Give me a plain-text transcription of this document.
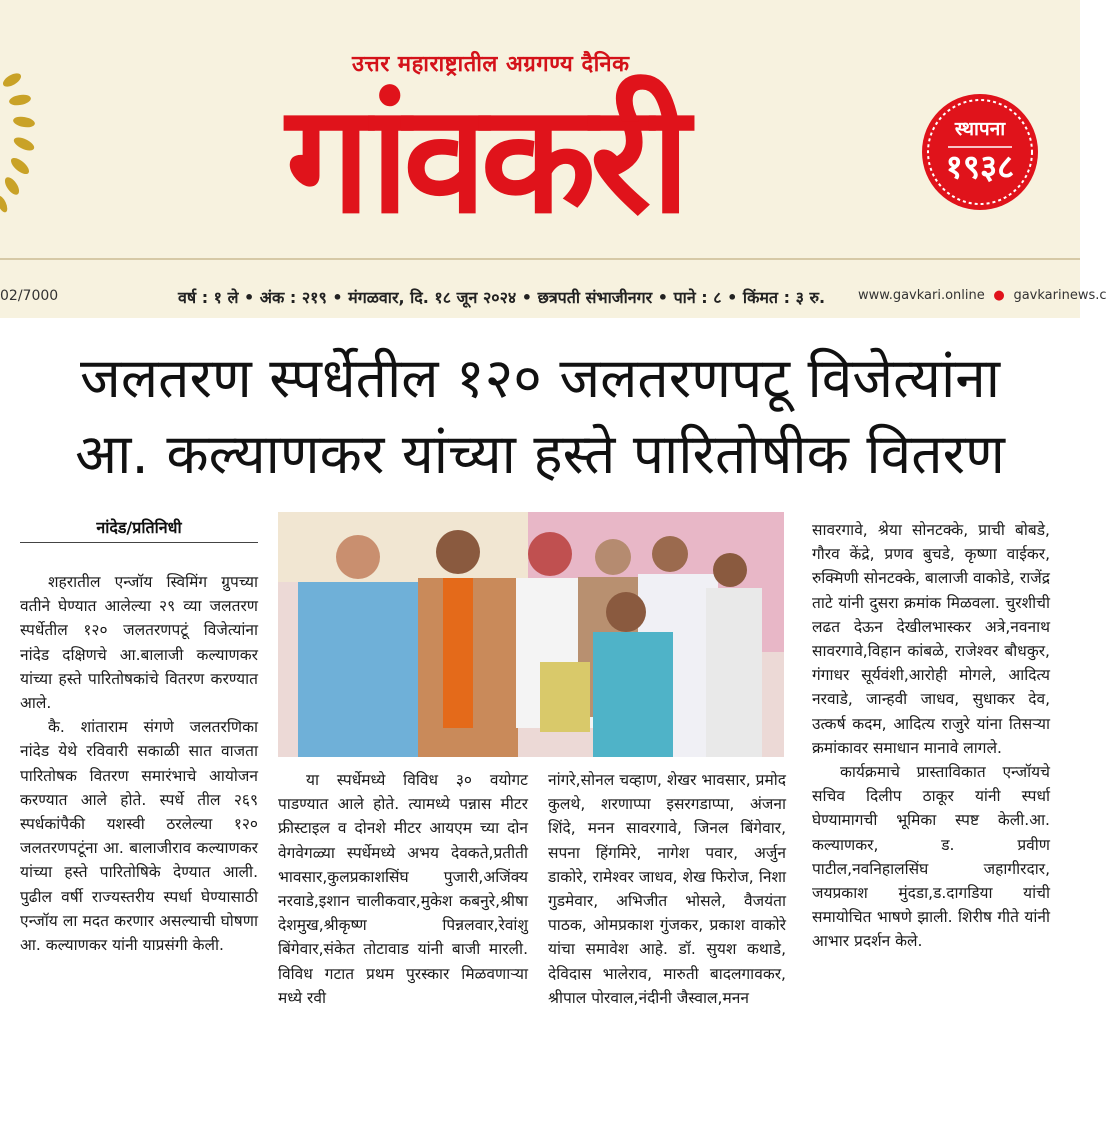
उत्तर महाराष्ट्रातील अग्रगण्य दैनिक
गांवकरी	स्थापना
१९३८
02/7000	वर्ष : १ ले • अंक : २१९ • मंगळवार, दि. १८ जून २०२४ • छत्रपती संभाजीनगर • पाने : ८ • किंमत : ३ रु.	www.gavkari.online  ●  gavkarinews.c
जलतरण स्पर्धेतील १२० जलतरणपटू विजेत्यांना
आ. कल्याणकर यांच्या हस्ते पारितोषीक वितरण
नांदेड/प्रतिनिधी

शहरातील एन्जॉय स्विमिंग ग्रुपच्या वतीने घेण्यात आलेल्या २९ व्या जलतरण स्पर्धेतील १२० जलतरणपटूं विजेत्यांना नांदेड दक्षिणचे आ.बालाजी कल्याणकर यांच्या हस्ते पारितोषकांचे वितरण करण्यात आले.

कै. शांताराम संगणे जलतरणिका नांदेड येथे रविवारी सकाळी सात वाजता पारितोषक वितरण समारंभाचे आयोजन करण्यात आले होते. स्पर्धे तील २६९ स्पर्धकांपैकी यशस्वी ठरलेल्या १२० जलतरणपटूंना आ. बालाजीराव कल्याणकर यांच्या हस्ते पारितोषिके देण्यात आली. पुढील वर्षी राज्यस्तरीय स्पर्धा घेण्यासाठी एन्जॉय ला मदत करणार असल्याची घोषणा आ. कल्याणकर यांनी याप्रसंगी केली.

या स्पर्धेमध्ये विविध ३० वयोगट पाडण्यात आले होते. त्यामध्ये पन्नास मीटर फ्रीस्टाइल व दोनशे मीटर आयएम च्या दोन वेगवेगळ्या स्पर्धेमध्ये अभय देवकते,प्रतीती भावसार,कुलप्रकाशसिंघ पुजारी,अजिंक्य नरवाडे,इशान चालीकवार,मुकेश कबनुरे,श्रीषा देशमुख,श्रीकृष्ण पिन्नलवार,रेवांशु बिंगेवार,संकेत तोटावाड यांनी बाजी मारली. विविध गटात प्रथम पुरस्कार मिळवणाऱ्या मध्ये रवी

नांगरे,सोनल चव्हाण, शेखर भावसार, प्रमोद कुलथे, शरणाप्पा इसरगडाप्पा, अंजना शिंदे, मनन सावरगावे, जिनल बिंगेवार, सपना हिंगमिरे, नागेश पवार, अर्जुन डाकोरे, रामेश्वर जाधव, शेख फिरोज, निशा गुडमेवार, अभिजीत भोसले, वैजयंता पाठक, ओमप्रकाश गुंजकर, प्रकाश वाकोरे यांचा समावेश आहे. डॉ. सुयश कथाडे, देविदास भालेराव, मारुती बादलगावकर, श्रीपाल पोरवाल,नंदीनी जैस्वाल,मनन

सावरगावे, श्रेया सोनटक्के, प्राची बोबडे, गौरव केंद्रे, प्रणव बुचडे, कृष्णा वाईकर, रुक्मिणी सोनटक्के, बालाजी वाकोडे, राजेंद्र ताटे यांनी दुसरा क्रमांक मिळवला. चुरशीची लढत देऊन देखीलभास्कर अत्रे,नवनाथ सावरगावे,विहान कांबळे, राजेश्वर बौधकुर, गंगाधर सूर्यवंशी,आरोही मोगले, आदित्य नरवाडे, जान्हवी जाधव, सुधाकर देव, उत्कर्ष कदम, आदित्य राजुरे यांना तिसऱ्या क्रमांकावर समाधान मानावे लागले.

कार्यक्रमाचे प्रास्ताविकात एन्जॉयचे सचिव दिलीप ठाकूर यांनी स्पर्धा घेण्यामागची भूमिका स्पष्ट केली.आ. कल्याणकर, ड. प्रवीण पाटील,नवनिहालसिंघ जहागीरदार, जयप्रकाश मुंदडा,ड.दागडिया यांची समायोचित भाषणे झाली. शिरीष गीते यांनी आभार प्रदर्शन केले.
